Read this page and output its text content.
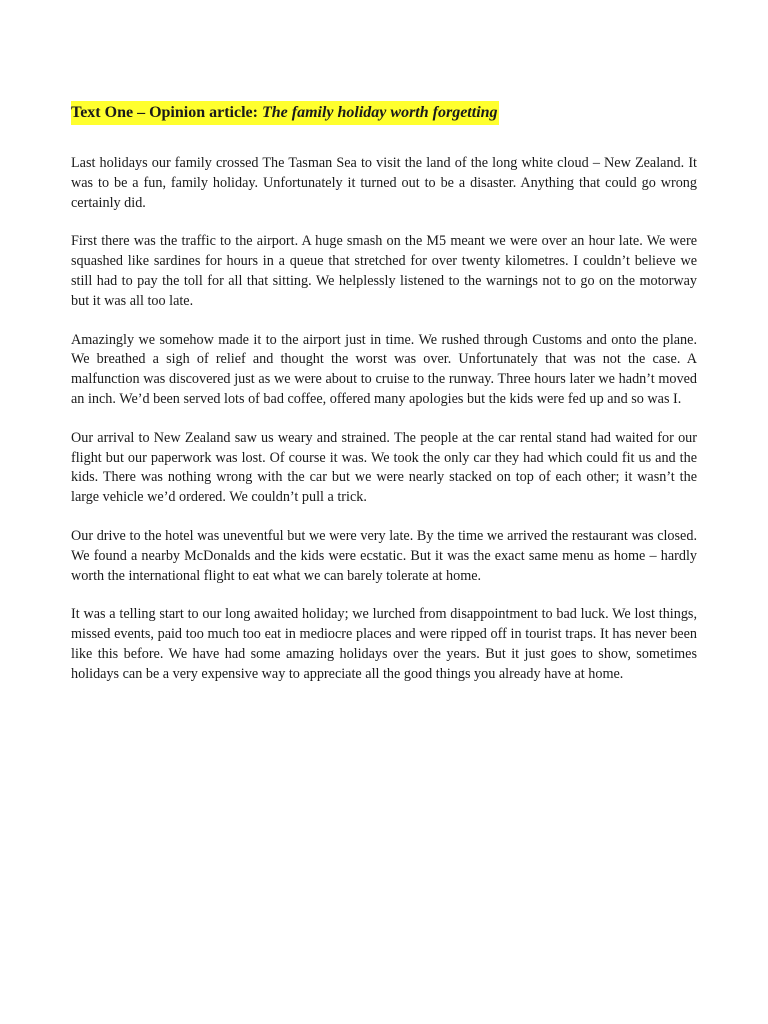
Text One – Opinion article: The family holiday worth forgetting

Last holidays our family crossed The Tasman Sea to visit the land of the long white cloud – New Zealand. It was to be a fun, family holiday. Unfortunately it turned out to be a disaster. Anything that could go wrong certainly did.

First there was the traffic to the airport. A huge smash on the M5 meant we were over an hour late. We were squashed like sardines for hours in a queue that stretched for over twenty kilometres. I couldn’t believe we still had to pay the toll for all that sitting. We helplessly listened to the warnings not to go on the motorway but it was all too late.

Amazingly we somehow made it to the airport just in time. We rushed through Customs and onto the plane. We breathed a sigh of relief and thought the worst was over. Unfortunately that was not the case. A malfunction was discovered just as we were about to cruise to the runway. Three hours later we hadn’t moved an inch. We’d been served lots of bad coffee, offered many apologies but the kids were fed up and so was I.

Our arrival to New Zealand saw us weary and strained. The people at the car rental stand had waited for our flight but our paperwork was lost. Of course it was. We took the only car they had which could fit us and the kids. There was nothing wrong with the car but we were nearly stacked on top of each other; it wasn’t the large vehicle we’d ordered. We couldn’t pull a trick.

Our drive to the hotel was uneventful but we were very late. By the time we arrived the restaurant was closed. We found a nearby McDonalds and the kids were ecstatic. But it was the exact same menu as home – hardly worth the international flight to eat what we can barely tolerate at home.

It was a telling start to our long awaited holiday; we lurched from disappointment to bad luck. We lost things, missed events, paid too much too eat in mediocre places and were ripped off in tourist traps. It has never been like this before. We have had some amazing holidays over the years. But it just goes to show, sometimes holidays can be a very expensive way to appreciate all the good things you already have at home.
